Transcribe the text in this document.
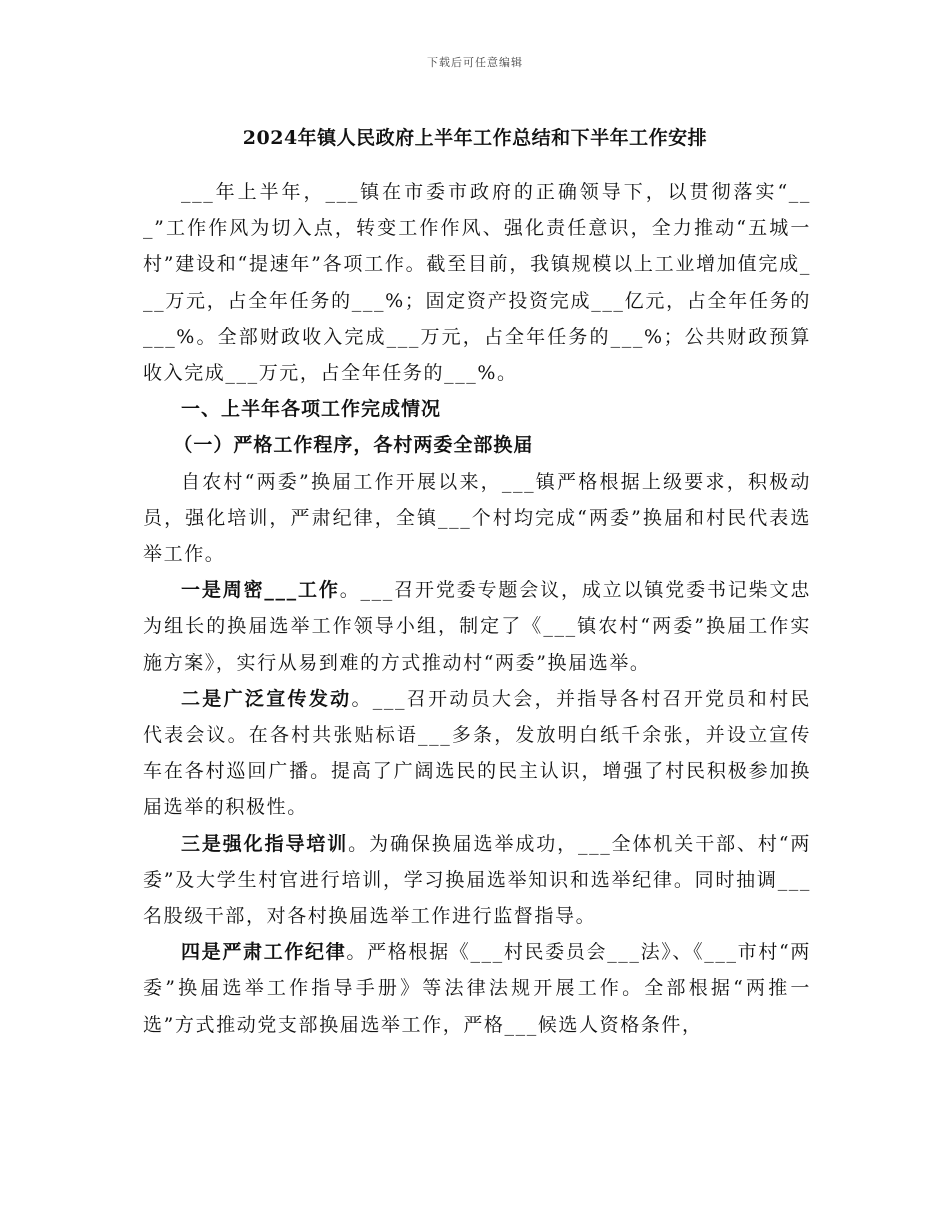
下载后可任意编辑
2024年镇人民政府上半年工作总结和下半年工作安排

___年上半年，___镇在市委市政府的正确领导下，以贯彻落实“___”工作作风为切入点，转变工作作风、强化责任意识，全力推动“五城一村”建设和“提速年”各项工作。截至目前，我镇规模以上工业增加值完成___万元，占全年任务的___%；固定资产投资完成___亿元，占全年任务的___%。全部财政收入完成___万元，占全年任务的___%；公共财政预算收入完成___万元，占全年任务的___%。

一、上半年各项工作完成情况

（一）严格工作程序，各村两委全部换届

自农村“两委”换届工作开展以来，___镇严格根据上级要求，积极动员，强化培训，严肃纪律，全镇___个村均完成“两委”换届和村民代表选举工作。

一是周密___工作。___召开党委专题会议，成立以镇党委书记柴文忠为组长的换届选举工作领导小组，制定了《___镇农村“两委”换届工作实施方案》，实行从易到难的方式推动村“两委”换届选举。

二是广泛宣传发动。___召开动员大会，并指导各村召开党员和村民代表会议。在各村共张贴标语___多条，发放明白纸千余张，并设立宣传车在各村巡回广播。提高了广阔选民的民主认识，增强了村民积极参加换届选举的积极性。

三是强化指导培训。为确保换届选举成功，___全体机关干部、村“两委”及大学生村官进行培训，学习换届选举知识和选举纪律。同时抽调___名股级干部，对各村换届选举工作进行监督指导。

四是严肃工作纪律。严格根据《___村民委员会___法》、《___市村“两委”换届选举工作指导手册》等法律法规开展工作。全部根据“两推一选”方式推动党支部换届选举工作，严格___候选人资格条件，
